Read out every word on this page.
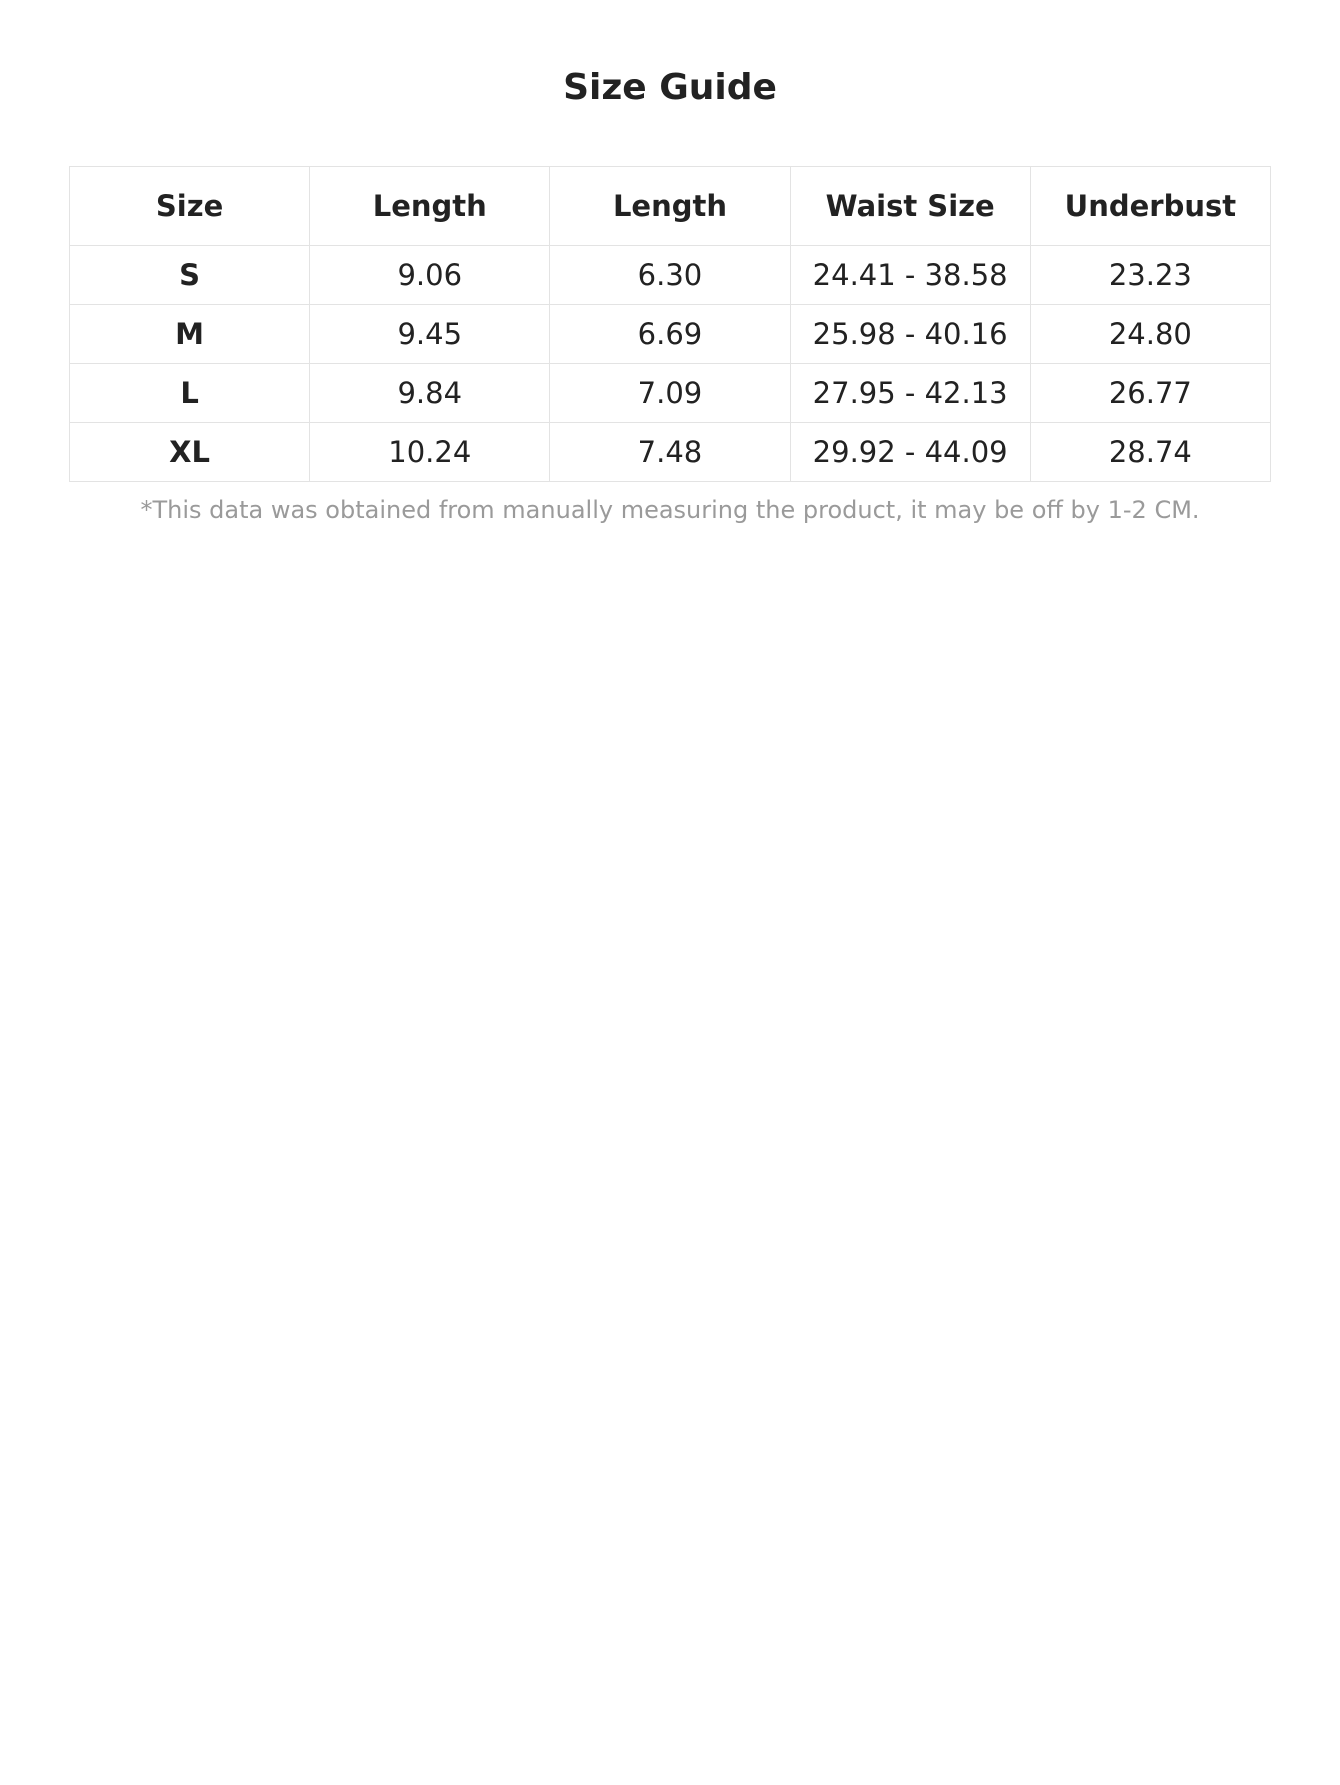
Size Guide
Size	Length	Length	Waist Size	Underbust
S	9.06	6.30	24.41 - 38.58	23.23
M	9.45	6.69	25.98 - 40.16	24.80
L	9.84	7.09	27.95 - 42.13	26.77
XL	10.24	7.48	29.92 - 44.09	28.74

*This data was obtained from manually measuring the product, it may be off by 1-2 CM.
